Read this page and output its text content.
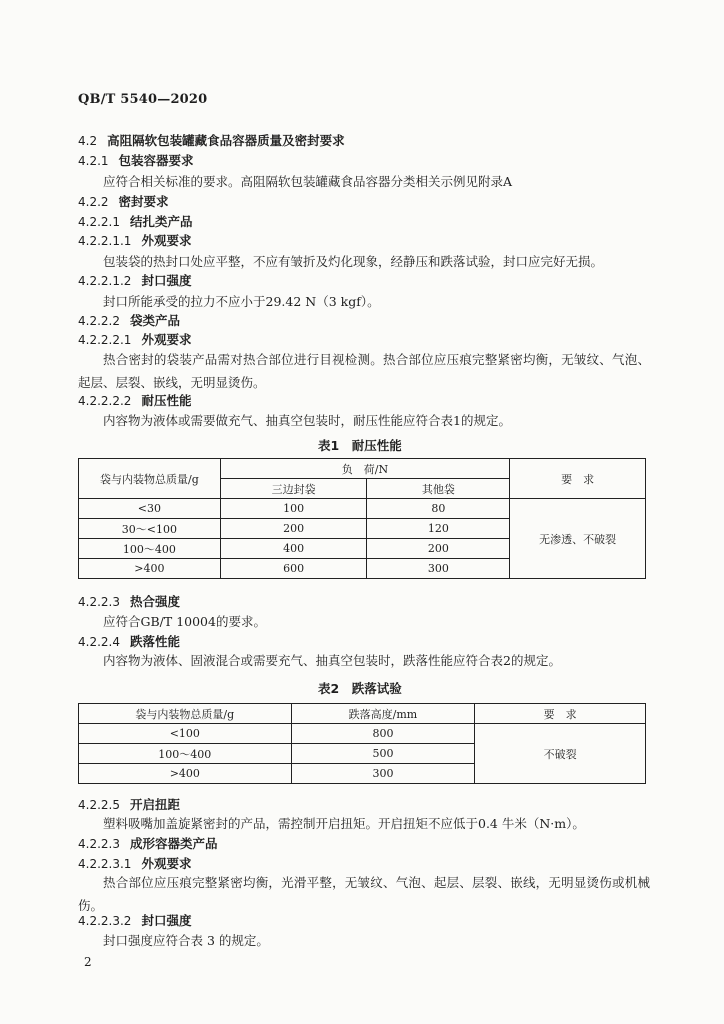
QB/T 5540—2020
4.2 高阻隔软包装罐藏食品容器质量及密封要求
4.2.1 包装容器要求
应符合相关标准的要求。高阻隔软包装罐藏食品容器分类相关示例见附录A
4.2.2 密封要求
4.2.2.1 结扎类产品
4.2.2.1.1 外观要求
包装袋的热封口处应平整，不应有皱折及灼化现象，经静压和跌落试验，封口应完好无损。
4.2.2.1.2 封口强度
封口所能承受的拉力不应小于29.42 N（3 kgf）。
4.2.2.2 袋类产品
4.2.2.2.1 外观要求
热合密封的袋装产品需对热合部位进行目视检测。热合部位应压痕完整紧密均衡，无皱纹、气泡、起层、层裂、嵌线，无明显烫伤。
4.2.2.2.2 耐压性能
内容物为液体或需要做充气、抽真空包装时，耐压性能应符合表1的规定。
表1　耐压性能
袋与内装物总质量/g	负　荷/N		要　求
	三边封袋	其他袋	
<30	100	80	无渗透、不破裂
30～<100	200	120	
100～400	400	200	
>400	600	300	
4.2.2.3 热合强度
应符合GB/T 10004的要求。
4.2.2.4 跌落性能
内容物为液体、固液混合或需要充气、抽真空包装时，跌落性能应符合表2的规定。
表2　跌落试验
袋与内装物总质量/g	跌落高度/mm	要　求
<100	800	不破裂
100～400	500	
>400	300	
4.2.2.5 开启扭距
塑料吸嘴加盖旋紧密封的产品，需控制开启扭矩。开启扭矩不应低于0.4 牛米（N·m）。
4.2.2.3 成形容器类产品
4.2.2.3.1 外观要求
热合部位应压痕完整紧密均衡，光滑平整，无皱纹、气泡、起层、层裂、嵌线，无明显烫伤或机械伤。
4.2.2.3.2 封口强度
封口强度应符合表 3 的规定。
2
